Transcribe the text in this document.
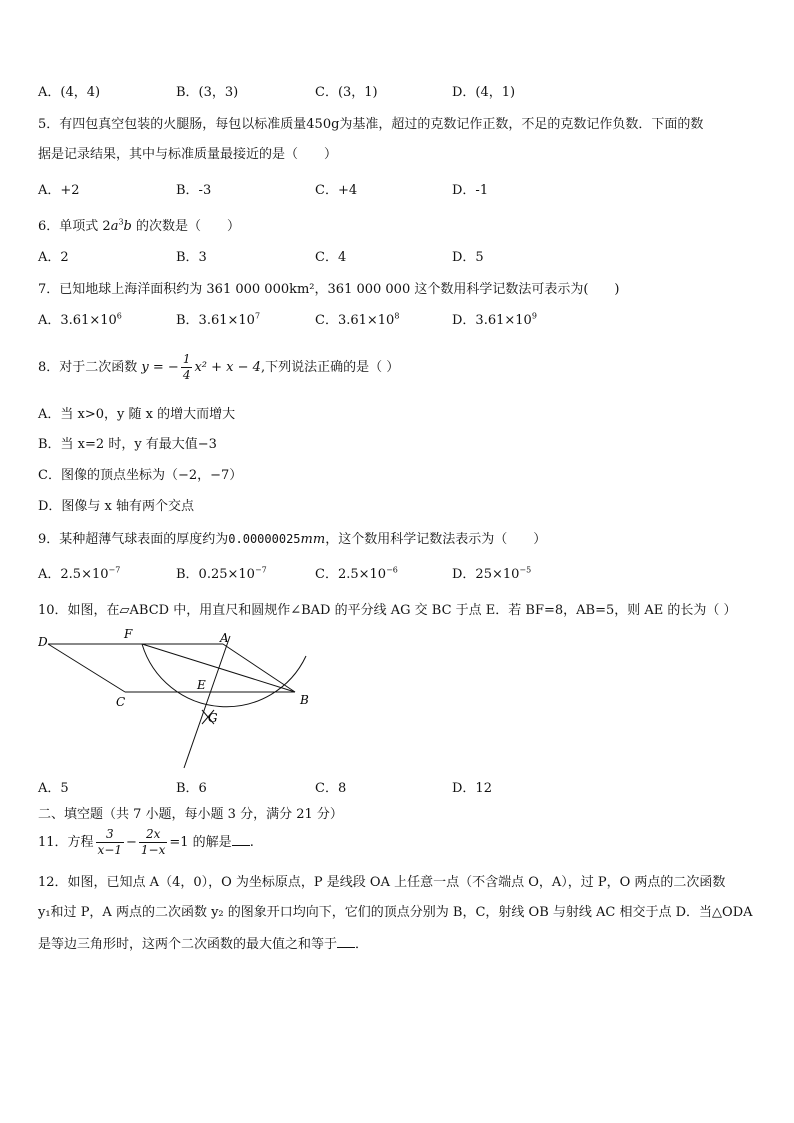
A．(4，4)	B．(3，3)	C．(3，1)	D．(4，1)
5．有四包真空包装的火腿肠，每包以标准质量450g为基准，超过的克数记作正数，不足的克数记作负数．下面的数
据是记录结果，其中与标准质量最接近的是（　　）
A．+2	B．-3	C．+4	D．-1
6．单项式 $2a^3b$ 的次数是（　　）
A．2	B．3	C．4	D．5
7．已知地球上海洋面积约为 361 000 000km²，361 000 000 这个数用科学记数法可表示为(　　)
A．$3.61\times 10^6$	B．$3.61\times 10^7$	C．$3.61\times 10^8$	D．$3.61\times 10^9$
8．对于二次函数 y = − $\frac{1}{4} x^2 + x - 4$,下列说法正确的是（ ）
A．当 x>0，y 随 x 的增大而增大
B．当 x=2 时，y 有最大值−3
C．图像的顶点坐标为（−2，−7）
D．图像与 x 轴有两个交点
9．某种超薄气球表面的厚度约为0.00000025mm，这个数用科学记数法表示为（　　）
A．$2.5\times 10^{-7}$	B．$0.25\times 10^{-7}$	C．$2.5\times 10^{-6}$	D．$25\times 10^{-5}$
10．如图，在▱ABCD 中，用直尺和圆规作∠BAD 的平分线 AG 交 BC 于点 E．若 BF=8，AB=5，则 AE 的长为（ ）
D
F	A
E
B
C
G
A．5	B．6	C．8	D．12
二、填空题（共 7 小题，每小题 3 分，满分 21 分）
11．方程 $\frac{3}{x-1} - \frac{2x}{1-x} =1$ 的解是 .
12．如图，已知点 A（4，0），O 为坐标原点，P 是线段 OA 上任意一点（不含端点 O，A），过 P，O 两点的二次函数
y₁和过 P，A 两点的二次函数 y₂ 的图象开口均向下，它们的顶点分别为 B，C，射线 OB 与射线 AC 相交于点 D．当△ODA
是等边三角形时，这两个二次函数的最大值之和等于 ．
